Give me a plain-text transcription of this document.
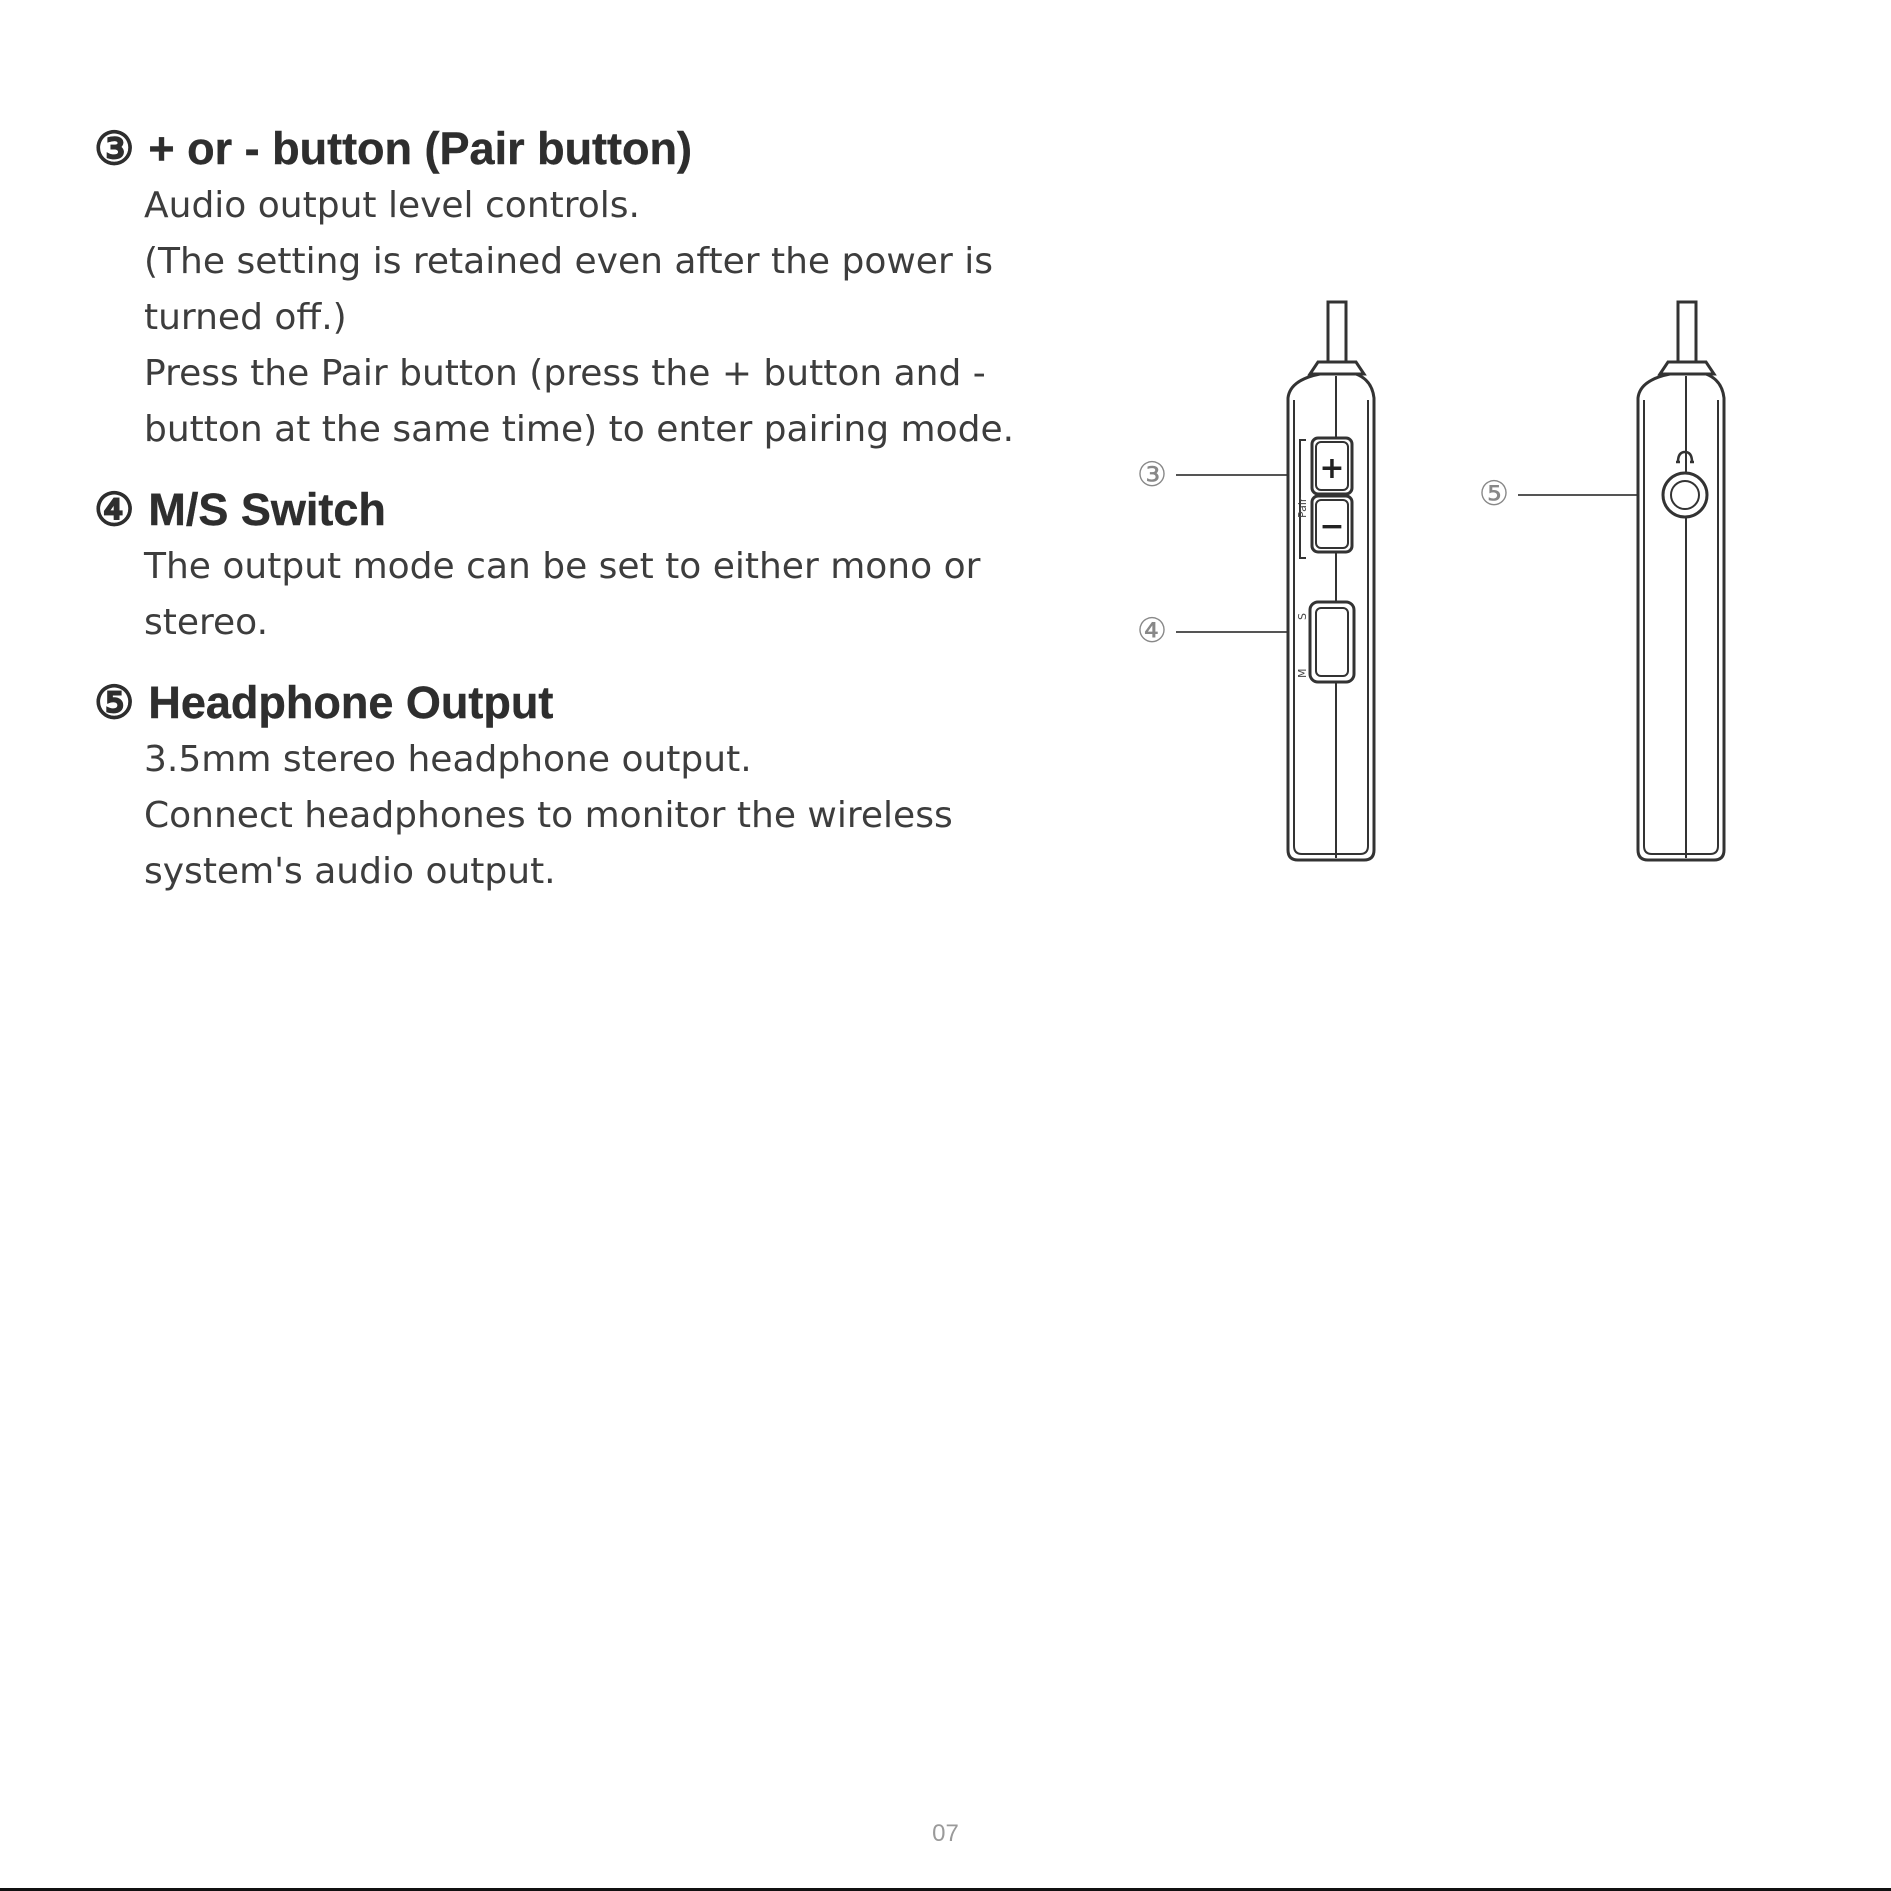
③ + or - button (Pair button)
Audio output level controls.
(The setting is retained even after the power is
turned off.)
Press the Pair button (press the + button and -
button at the same time) to enter pairing mode.
④ M/S Switch
The output mode can be set to either mono or
stereo.
⑤ Headphone Output
3.5mm stereo headphone output.
Connect headphones to monitor the wireless
system's audio output.
③
④
⑤
+
−
Pair
S
M
07
